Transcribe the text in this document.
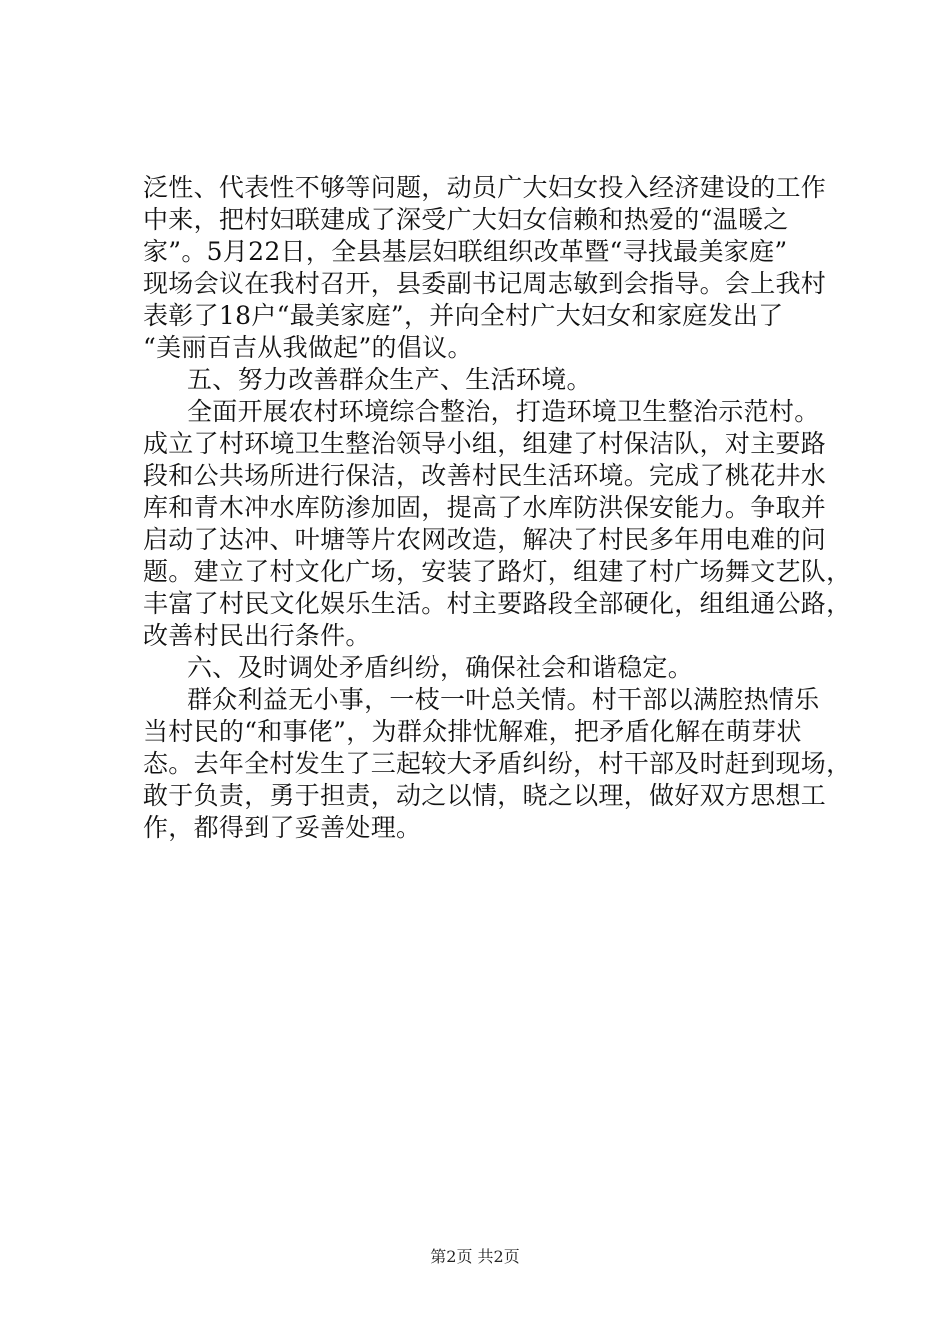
泛性、代表性不够等问题，动员广大妇女投入经济建设的工作
中来，把村妇联建成了深受广大妇女信赖和热爱的“温暖之
家”。5月22日，全县基层妇联组织改革暨“寻找最美家庭”
现场会议在我村召开，县委副书记周志敏到会指导。会上我村
表彰了18户“最美家庭”，并向全村广大妇女和家庭发出了
“美丽百吉从我做起”的倡议。
五、努力改善群众生产、生活环境。
全面开展农村环境综合整治，打造环境卫生整治示范村。
成立了村环境卫生整治领导小组，组建了村保洁队，对主要路
段和公共场所进行保洁，改善村民生活环境。完成了桃花井水
库和青木冲水库防渗加固，提高了水库防洪保安能力。争取并
启动了达冲、叶塘等片农网改造，解决了村民多年用电难的问
题。建立了村文化广场，安装了路灯，组建了村广场舞文艺队，
丰富了村民文化娱乐生活。村主要路段全部硬化，组组通公路，
改善村民出行条件。
六、及时调处矛盾纠纷，确保社会和谐稳定。
群众利益无小事，一枝一叶总关情。村干部以满腔热情乐
当村民的“和事佬”，为群众排忧解难，把矛盾化解在萌芽状
态。去年全村发生了三起较大矛盾纠纷，村干部及时赶到现场，
敢于负责，勇于担责，动之以情，晓之以理，做好双方思想工
作，都得到了妥善处理。
第2页 共2页
